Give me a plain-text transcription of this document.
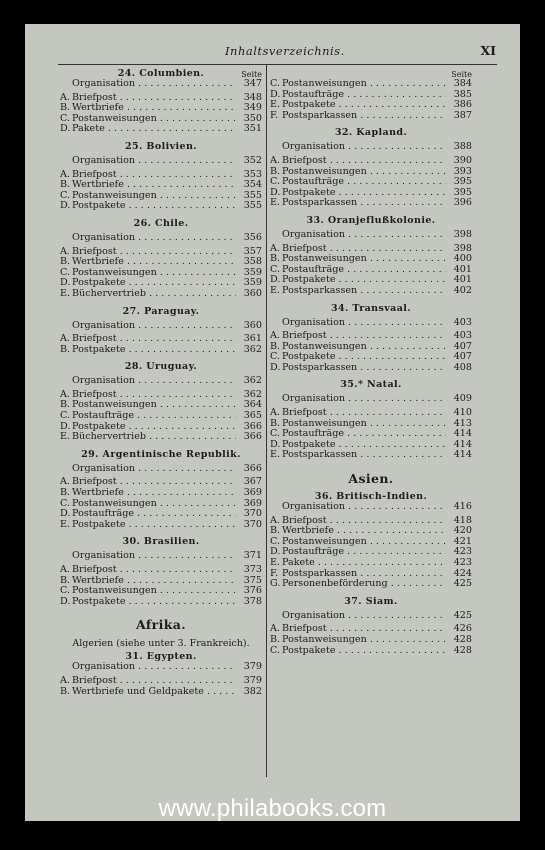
Inhaltsverzeichnis.	XI
Seite
24. Columbien.
Organisation . . .	347
A. Briefpost . . .	348
B. Wertbriefe . . .	349
C. Postanweisungen . . .	350
D. Pakete . . .	351
25. Bolivien.
Organisation . . .	352
A. Briefpost . . .	353
B. Wertbriefe . . .	354
C. Postanweisungen . . .	355
D. Postpakete . . .	355
26. Chile.
Organisation . . .	356
A. Briefpost . . .	357
B. Wertbriefe . . .	358
C. Postanweisungen . . .	359
D. Postpakete . . .	359
E. Büchervertrieb . . .	360
27. Paraguay.
Organisation . . .	360
A. Briefpost . . .	361
B. Postpakete . . .	362
28. Uruguay.
Organisation . . .	362
A. Briefpost . . .	362
B. Postanweisungen . . .	364
C. Postaufträge . . .	365
D. Postpakete . . .	366
E. Büchervertrieb . . .	366
29. Argentinische Republik.
Organisation . . .	366
A. Briefpost . . .	367
B. Wertbriefe . . .	369
C. Postanweisungen . . .	369
D. Postaufträge . . .	370
E. Postpakete . . .	370
30. Brasilien.
Organisation . . .	371
A. Briefpost . . .	373
B. Wertbriefe . . .	375
C. Postanweisungen . . .	376
D. Postpakete . . .	378
Afrika.
Algerien (siehe unter 3. Frankreich).
31. Egypten.
Organisation . . .	379
A. Briefpost . . .	379
B. Wertbriefe und Geldpakete . . .	382
Seite
C. Postanweisungen . . .	384
D. Postaufträge . . .	385
E. Postpakete . . .	386
F. Postsparkassen . . .	387
32. Kapland.
Organisation . . .	388
A. Briefpost . . .	390
B. Postanweisungen . . .	393
C. Postaufträge . . .	395
D. Postpakete . . .	395
E. Postsparkassen . . .	396
33. Oranjeflußkolonie.
Organisation . . .	398
A. Briefpost . . .	398
B. Postanweisungen . . .	400
C. Postaufträge . . .	401
D. Postpakete . . .	401
E. Postsparkassen . . .	402
34. Transvaal.
Organisation . . .	403
A. Briefpost . . .	403
B. Postanweisungen . . .	407
C. Postpakete . . .	407
D. Postsparkassen . . .	408
35.* Natal.
Organisation . . .	409
A. Briefpost . . .	410
B. Postanweisungen . . .	413
C. Postaufträge . . .	414
D. Postpakete . . .	414
E. Postsparkassen . . .	414
Asien.
36. Britisch-Indien.
Organisation . . .	416
A. Briefpost . . .	418
B. Wertbriefe . . .	420
C. Postanweisungen . . .	421
D. Postaufträge . . .	423
E. Pakete . . .	423
F. Postsparkassen . . .	424
G. Personenbeförderung . . .	425
37. Siam.
Organisation . . .	425
A. Briefpost . . .	426
B. Postanweisungen . . .	428
C. Postpakete . . .	428
www.philabooks.com
